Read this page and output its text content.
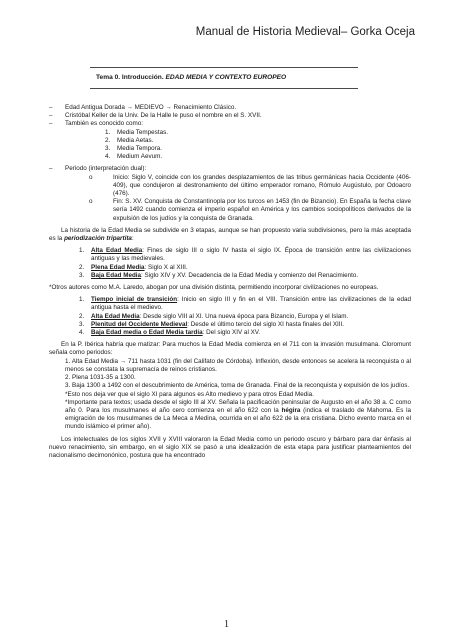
Manual de Historia Medieval– Gorka Oceja
Tema 0. Introducción. EDAD MEDIA Y CONTEXTO EUROPEO

– Edad Antigua Dorada → MEDIEVO → Renacimiento Clásico.

– Cristóbal Keller de la Univ. De la Halle le puso el nombre en el S. XVII.

– También es conocido como:

1. Media Tempestas.

2. Media Aetas.

3. Media Tempora.

4. Medium Aevum.

– Periodo (interpretación dual):

o	Inicio: Siglo V, coincide con los grandes desplazamientos de las tribus germánicas hacia Occidente (406-409), que condujeron al destronamiento del último emperador romano, Rómulo Augústulo, por Odoacro (476).

o	Fin: S. XV. Conquista de Constantinopla por los turcos en 1453 (fin de Bizancio). En España la fecha clave sería 1492 cuando comienza el imperio español en América y los cambios sociopolíticos derivados de la expulsión de los judíos y la conquista de Granada.

La historia de la Edad Media se subdivide en 3 etapas, aunque se han propuesto varia subdivisiones, pero la más aceptada es la periodización tripartita:

1. Alta Edad Media: Fines de siglo III o siglo IV hasta el siglo IX. Época de transición entre las civilizaciones antiguas y las medievales.

2. Plena Edad Media: Siglo X al XIII.

3. Baja Edad Media: Siglo XIV y XV. Decadencia de la Edad Media y comienzo del Renacimiento.

*Otros autores como M.A. Laredo, abogan por una división distinta, permitiendo incorporar civilizaciones no europeas.

1. Tiempo inicial de transición: Inicio en siglo III y fin en el VIII. Transición entre las civilizaciones de la edad antigua hasta el medievo.

2. Alta Edad Media: Desde siglo VIII al XI. Una nueva época para Bizancio, Europa y el Islam.

3. Plenitud del Occidente Medieval: Desde el último tercio del siglo XI hasta finales del XIII.

4. Baja Edad media o Edad Media tardía: Del siglo XIV al XV.

En la P. Ibérica habría que matizar: Para muchos la Edad Media comienza en el 711 con la invasión musulmana. Cloromunt señala como periodos:

1. Alta Edad Media → 711 hasta 1031 (fin del Califato de Córdoba). Inflexión, desde entonces se acelera la reconquista o al menos se constata la supremacía de reinos cristianos.

2. Plena 1031-35 a 1300.

3. Baja 1300 a 1492 con el descubrimiento de América, toma de Granada. Final de la reconquista y expulsión de los judíos.

*Esto nos deja ver que el siglo XI para algunos es Alto medievo y para otros Edad Media.

*Importante para textos; usada desde el siglo III al XV. Señala la pacificación peninsular de Augusto en el año 38 a. C como año 0. Para los musulmanes el año cero comienza en el año 622 con la hégira (indica el traslado de Mahoma. Es la emigración de los musulmanes de La Meca a Medina, ocurrida en el año 622 de la era cristiana. Dicho evento marca en el mundo islámico el primer año).

Los intelectuales de los siglos XVII y XVIII valoraron la Edad Media como un periodo oscuro y bárbaro para dar énfasis al nuevo renacimiento, sin embargo, en el siglo XIX se pasó a una idealización de esta etapa para justificar planteamientos del nacionalismo decimonónico, postura que ha encontrado

1
